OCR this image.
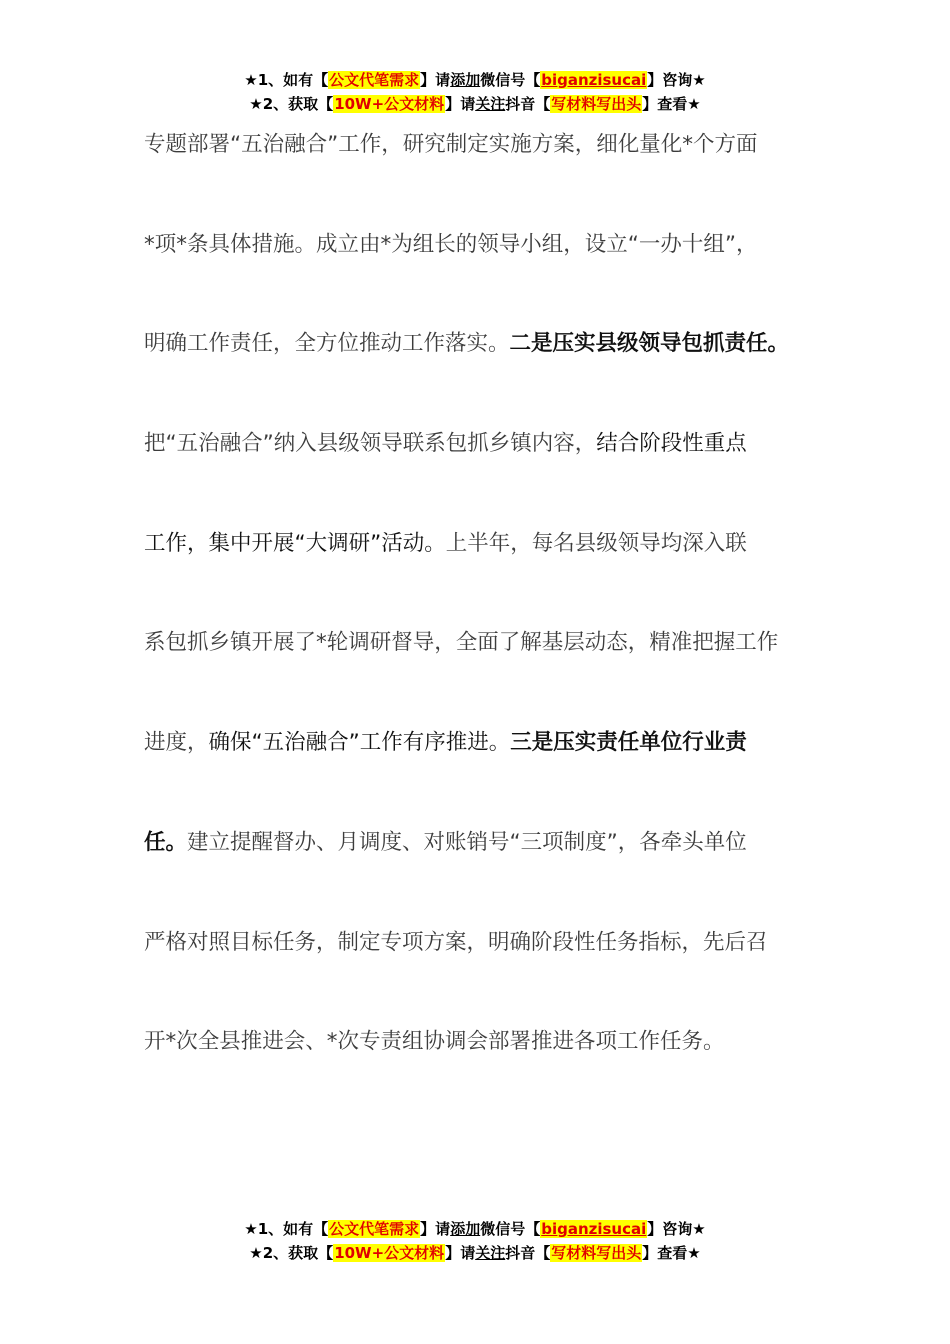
★1、如有【公文代笔需求】请添加微信号【biganzisucai】咨询★
★2、获取【10W+公文材料】请关注抖音【写材料写出头】查看★
专题部署“五治融合”工作，研究制定实施方案，细化量化*个方面
*项*条具体措施。成立由*为组长的领导小组，设立“一办十组”，
明确工作责任，全方位推动工作落实。二是压实县级领导包抓责任。
把“五治融合”纳入县级领导联系包抓乡镇内容，结合阶段性重点
工作，集中开展“大调研”活动。上半年，每名县级领导均深入联
系包抓乡镇开展了*轮调研督导，全面了解基层动态，精准把握工作
进度，确保“五治融合”工作有序推进。三是压实责任单位行业责
任。建立提醒督办、月调度、对账销号“三项制度”，各牵头单位
严格对照目标任务，制定专项方案，明确阶段性任务指标，先后召
开*次全县推进会、*次专责组协调会部署推进各项工作任务。
★1、如有【公文代笔需求】请添加微信号【biganzisucai】咨询★
★2、获取【10W+公文材料】请关注抖音【写材料写出头】查看★
